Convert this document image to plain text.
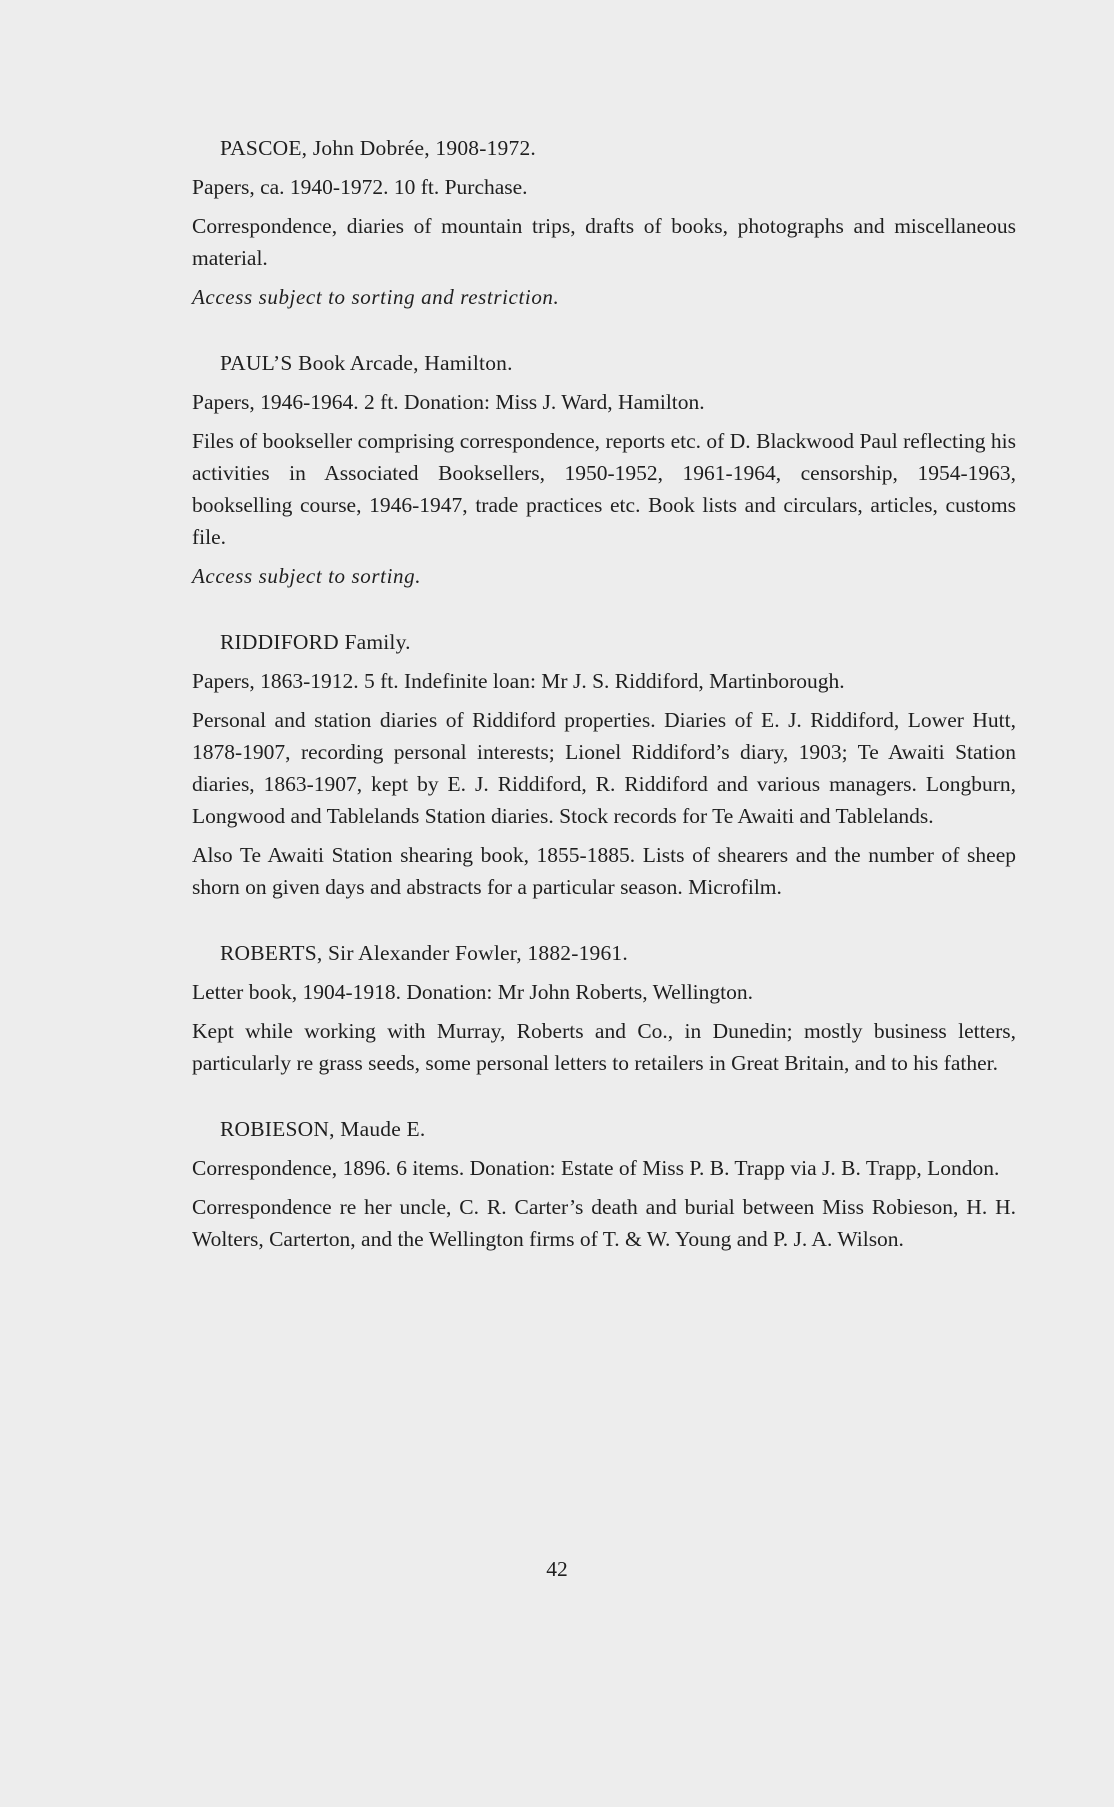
PASCOE, John Dobrée, 1908-1972.

Papers, ca. 1940-1972. 10 ft. Purchase.

Correspondence, diaries of mountain trips, drafts of books, photographs and miscellaneous material.

Access subject to sorting and restriction.

PAUL’S Book Arcade, Hamilton.

Papers, 1946-1964. 2 ft. Donation: Miss J. Ward, Hamilton.

Files of bookseller comprising correspondence, reports etc. of D. Blackwood Paul reflecting his activities in Associated Booksellers, 1950-1952, 1961-1964, censorship, 1954-1963, bookselling course, 1946-1947, trade practices etc. Book lists and circulars, articles, customs file.

Access subject to sorting.

RIDDIFORD Family.

Papers, 1863-1912. 5 ft. Indefinite loan: Mr J. S. Riddiford, Martinborough.

Personal and station diaries of Riddiford properties. Diaries of E. J. Riddiford, Lower Hutt, 1878-1907, recording personal interests; Lionel Riddiford’s diary, 1903; Te Awaiti Station diaries, 1863-1907, kept by E. J. Riddiford, R. Riddiford and various managers. Longburn, Longwood and Tablelands Station diaries. Stock records for Te Awaiti and Tablelands.

Also Te Awaiti Station shearing book, 1855-1885. Lists of shearers and the number of sheep shorn on given days and abstracts for a particular season. Microfilm.

ROBERTS, Sir Alexander Fowler, 1882-1961.

Letter book, 1904-1918. Donation: Mr John Roberts, Wellington.

Kept while working with Murray, Roberts and Co., in Dunedin; mostly business letters, particularly re grass seeds, some personal letters to retailers in Great Britain, and to his father.

ROBIESON, Maude E.

Correspondence, 1896. 6 items. Donation: Estate of Miss P. B. Trapp via J. B. Trapp, London.

Correspondence re her uncle, C. R. Carter’s death and burial between Miss Robieson, H. H. Wolters, Carterton, and the Wellington firms of T. & W. Young and P. J. A. Wilson.

42
